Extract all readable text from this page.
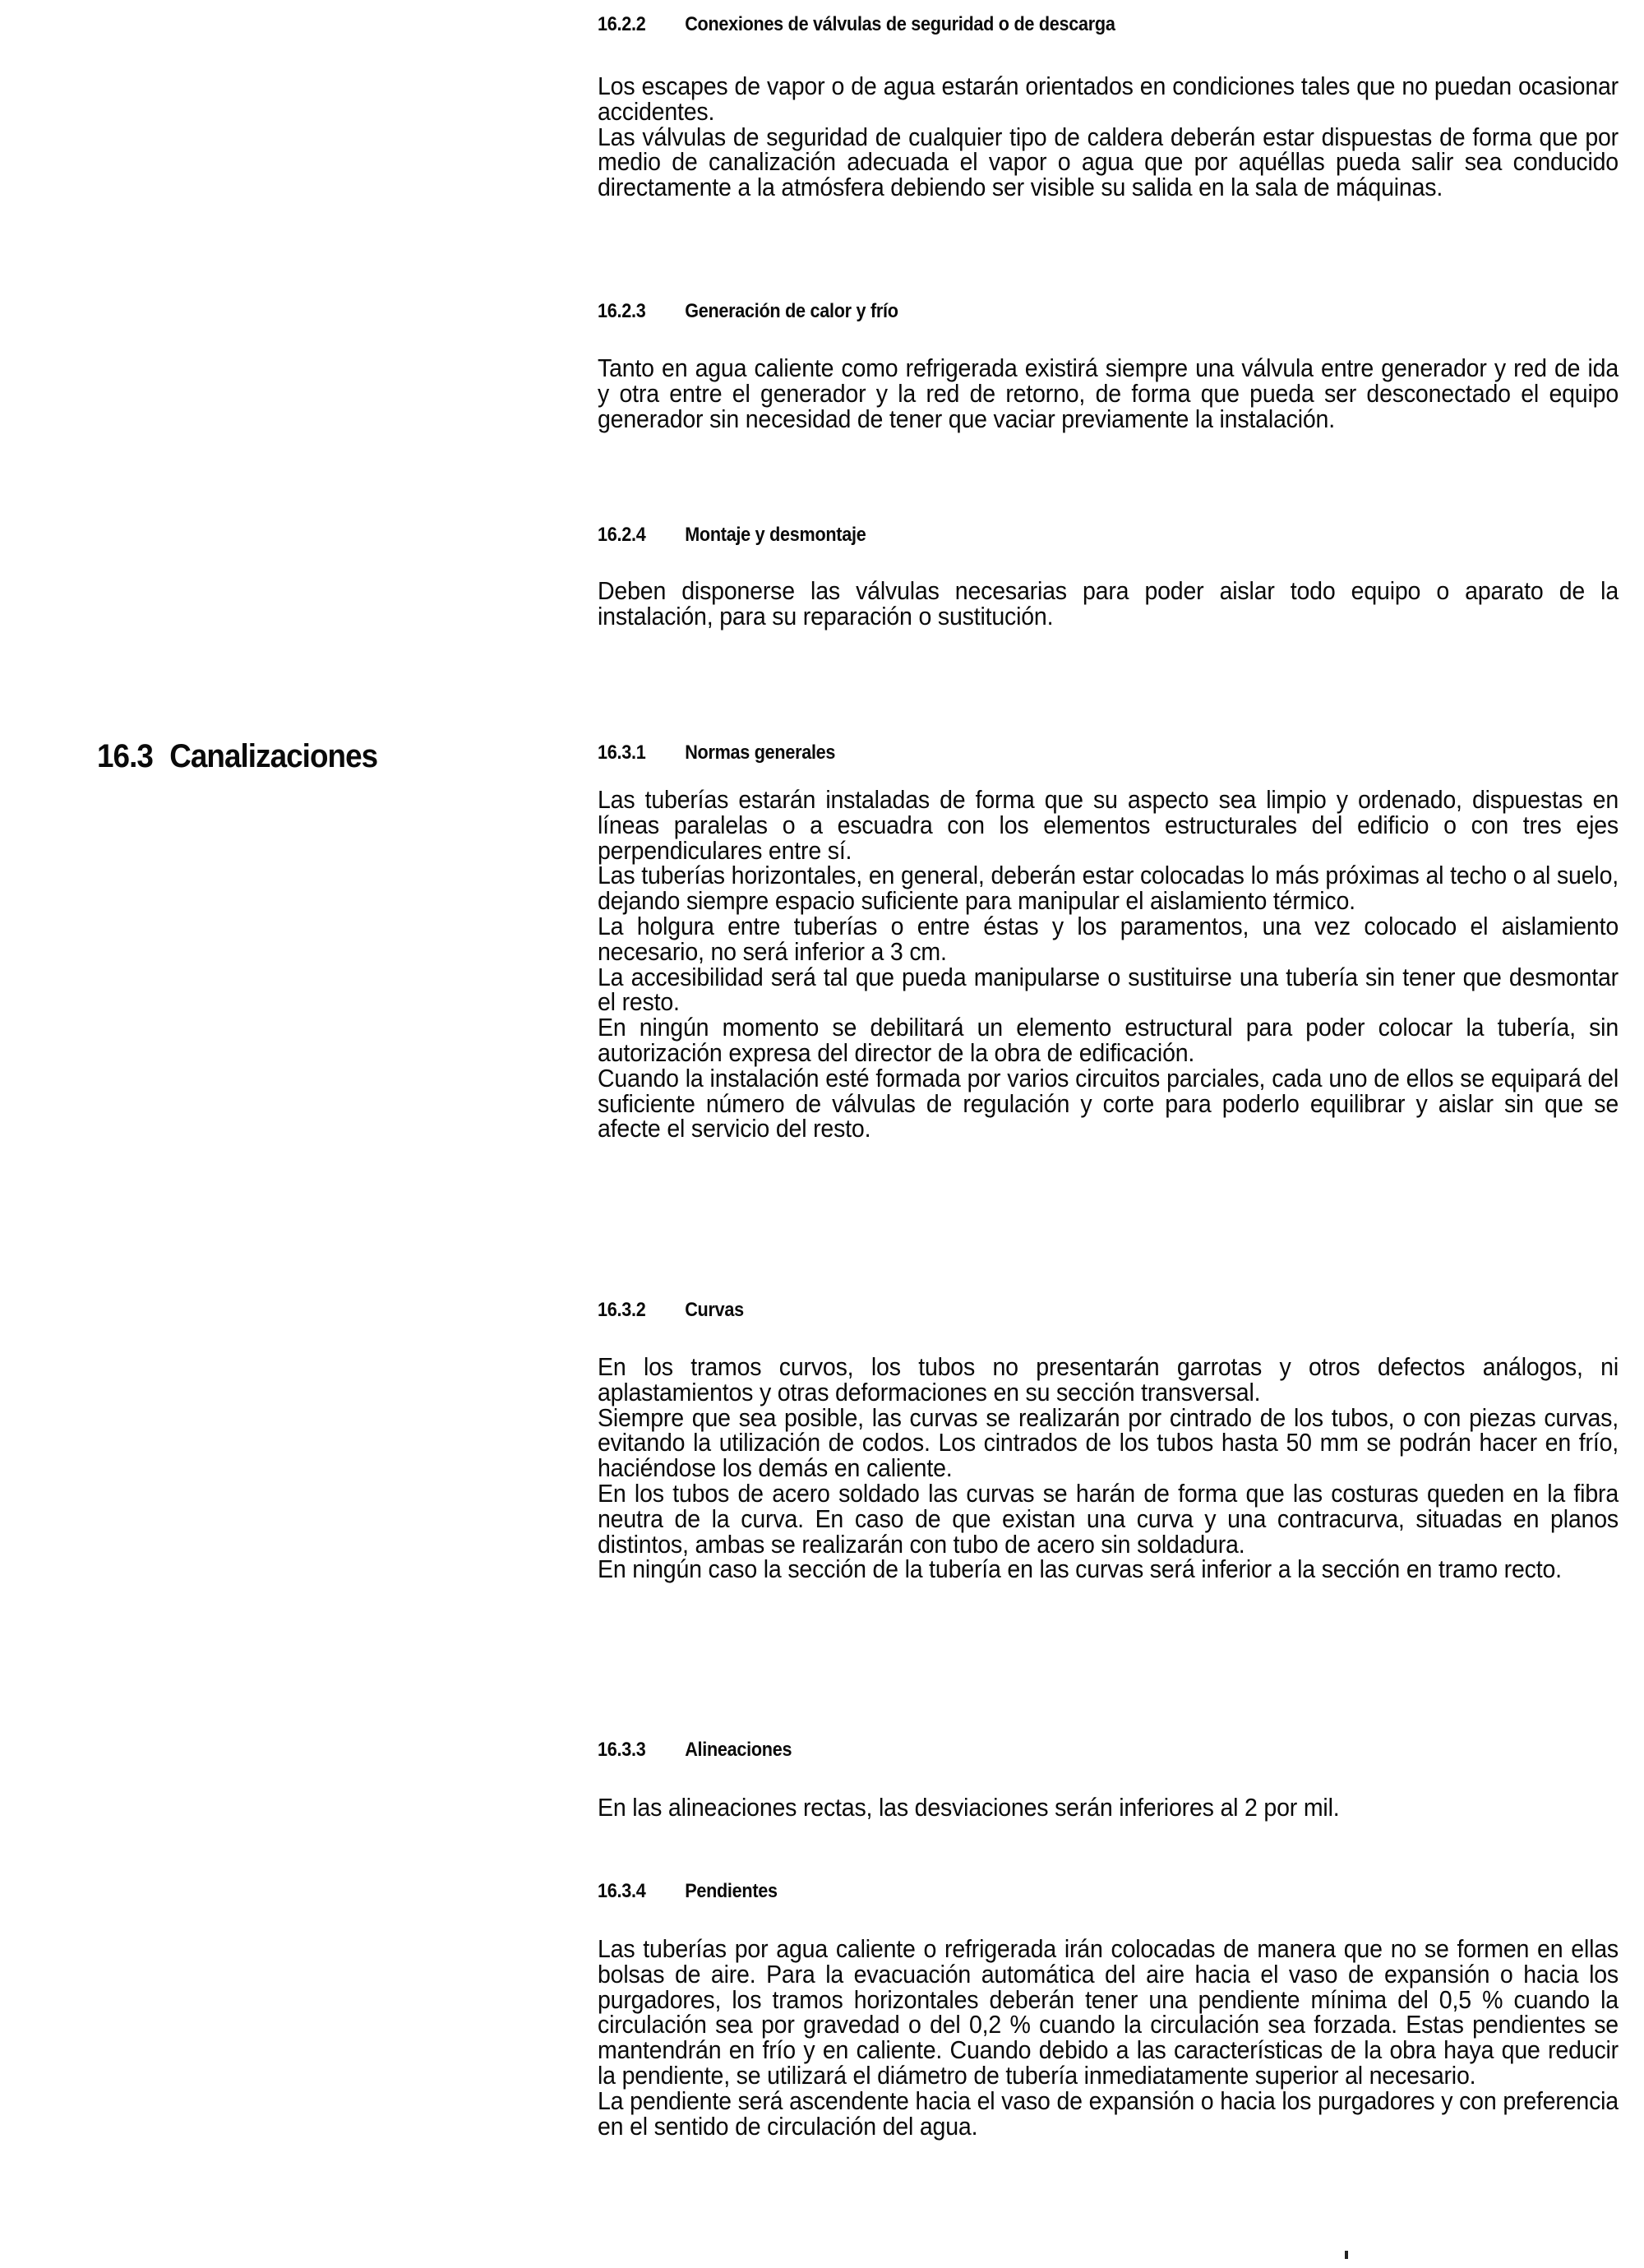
16.2.2 Conexiones de válvulas de seguridad o de descarga

Los escapes de vapor o de agua estarán orientados en condiciones tales que no puedan ocasionar accidentes.

Las válvulas de seguridad de cualquier tipo de caldera deberán estar dispuestas de forma que por medio de canalización adecuada el vapor o agua que por aquéllas pueda salir sea conducido directamente a la atmósfera debiendo ser visible su salida en la sala de máquinas.

16.2.3 Generación de calor y frío

Tanto en agua caliente como refrigerada existirá siempre una válvula entre generador y red de ida y otra entre el generador y la red de retorno, de forma que pueda ser desconectado el equipo generador sin necesidad de tener que vaciar previamente la instalación.

16.2.4 Montaje y desmontaje

Deben disponerse las válvulas necesarias para poder aislar todo equipo o aparato de la instalación, para su reparación o sustitución.

16.3 Canalizaciones	16.3.1 Normas generales

Las tuberías estarán instaladas de forma que su aspecto sea limpio y ordenado, dispuestas en líneas paralelas o a escuadra con los elementos estructurales del edificio o con tres ejes perpendiculares entre sí.

Las tuberías horizontales, en general, deberán estar colocadas lo más próximas al techo o al suelo, dejando siempre espacio suficiente para manipular el aislamiento térmico.

La holgura entre tuberías o entre éstas y los paramentos, una vez colocado el aislamiento necesario, no será inferior a 3 cm.

La accesibilidad será tal que pueda manipularse o sustituirse una tubería sin tener que desmontar el resto.

En ningún momento se debilitará un elemento estructural para poder colocar la tubería, sin autorización expresa del director de la obra de edificación.

Cuando la instalación esté formada por varios circuitos parciales, cada uno de ellos se equipará del suficiente número de válvulas de regulación y corte para poderlo equilibrar y aislar sin que se afecte el servicio del resto.

16.3.2 Curvas

En los tramos curvos, los tubos no presentarán garrotas y otros defectos análogos, ni aplastamientos y otras deformaciones en su sección transversal.

Siempre que sea posible, las curvas se realizarán por cintrado de los tubos, o con piezas curvas, evitando la utilización de codos. Los cintrados de los tubos hasta 50 mm se podrán hacer en frío, haciéndose los demás en caliente.

En los tubos de acero soldado las curvas se harán de forma que las costuras queden en la fibra neutra de la curva. En caso de que existan una curva y una contracurva, situadas en planos distintos, ambas se realizarán con tubo de acero sin soldadura.

En ningún caso la sección de la tubería en las curvas será inferior a la sección en tramo recto.

16.3.3 Alineaciones

En las alineaciones rectas, las desviaciones serán inferiores al 2 por mil.

16.3.4 Pendientes

Las tuberías por agua caliente o refrigerada irán colocadas de manera que no se formen en ellas bolsas de aire. Para la evacuación automática del aire hacia el vaso de expansión o hacia los purgadores, los tramos horizontales deberán tener una pendiente mínima del 0,5 % cuando la circulación sea por gravedad o del 0,2 % cuando la circulación sea forzada. Estas pendientes se mantendrán en frío y en caliente. Cuando debido a las características de la obra haya que reducir la pendiente, se utilizará el diámetro de tubería inmediatamente superior al necesario.

La pendiente será ascendente hacia el vaso de expansión o hacia los purgadores y con preferencia en el sentido de circulación del agua.
